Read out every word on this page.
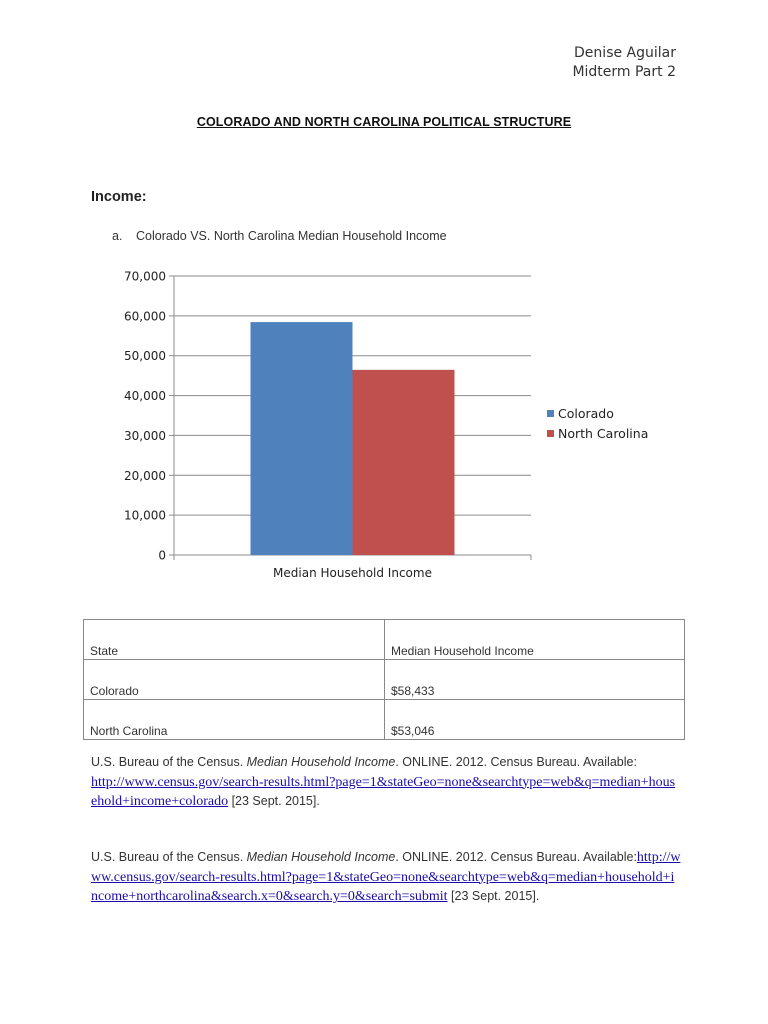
Denise Aguilar
Midterm Part 2
COLORADO AND NORTH CAROLINA POLITICAL STRUCTURE
Income:
a. Colorado VS. North Carolina Median Household Income
0
10,000
20,000
30,000
40,000
50,000
60,000
70,000
Median Household Income
Colorado
North Carolina
State	Median Household Income
Colorado	$58,433
North Carolina	$53,046
U.S. Bureau of the Census. Median Household Income. ONLINE. 2012. Census Bureau. Available:
http://www.census.gov/search-results.html?page=1&stateGeo=none&searchtype=web&q=median+household+income+colorado [23 Sept. 2015].
U.S. Bureau of the Census. Median Household Income. ONLINE. 2012. Census Bureau. Available:http://www.census.gov/search-results.html?page=1&stateGeo=none&searchtype=web&q=median+household+income+northcarolina&search.x=0&search.y=0&search=submit [23 Sept. 2015].
